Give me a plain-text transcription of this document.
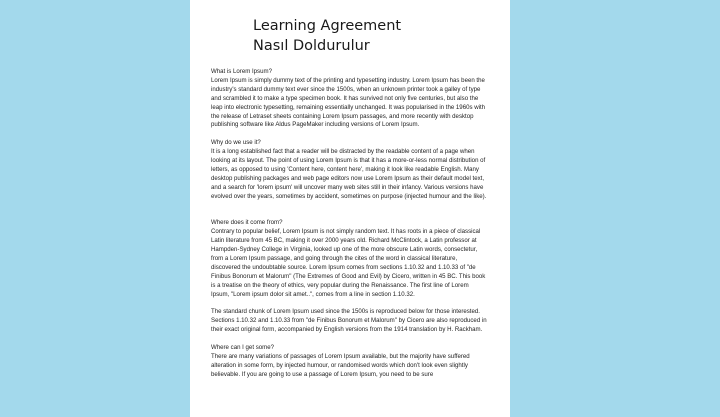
Learning Agreement
Nasıl Doldurulur
What is Lorem Ipsum?
Lorem Ipsum is simply dummy text of the printing and typesetting industry. Lorem Ipsum has been the industry's standard dummy text ever since the 1500s, when an unknown printer took a galley of type and scrambled it to make a type specimen book. It has survived not only five centuries, but also the leap into electronic typesetting, remaining essentially unchanged. It was popularised in the 1960s with the release of Letraset sheets containing Lorem Ipsum passages, and more recently with desktop publishing software like Aldus PageMaker including versions of Lorem Ipsum.
Why do we use it?
It is a long established fact that a reader will be distracted by the readable content of a page when looking at its layout. The point of using Lorem Ipsum is that it has a more-or-less normal distribution of letters, as opposed to using 'Content here, content here', making it look like readable English. Many desktop publishing packages and web page editors now use Lorem Ipsum as their default model text, and a search for 'lorem ipsum' will uncover many web sites still in their infancy. Various versions have evolved over the years, sometimes by accident, sometimes on purpose (injected humour and the like).
Where does it come from?
Contrary to popular belief, Lorem Ipsum is not simply random text. It has roots in a piece of classical Latin literature from 45 BC, making it over 2000 years old. Richard McClintock, a Latin professor at Hampden-Sydney College in Virginia, looked up one of the more obscure Latin words, consectetur, from a Lorem Ipsum passage, and going through the cites of the word in classical literature, discovered the undoubtable source. Lorem Ipsum comes from sections 1.10.32 and 1.10.33 of "de Finibus Bonorum et Malorum" (The Extremes of Good and Evil) by Cicero, written in 45 BC. This book is a treatise on the theory of ethics, very popular during the Renaissance. The first line of Lorem Ipsum, "Lorem ipsum dolor sit amet..", comes from a line in section 1.10.32.
The standard chunk of Lorem Ipsum used since the 1500s is reproduced below for those interested. Sections 1.10.32 and 1.10.33 from "de Finibus Bonorum et Malorum" by Cicero are also reproduced in their exact original form, accompanied by English versions from the 1914 translation by H. Rackham.
Where can I get some?
There are many variations of passages of Lorem Ipsum available, but the majority have suffered alteration in some form, by injected humour, or randomised words which don't look even slightly believable. If you are going to use a passage of Lorem Ipsum, you need to be sure
